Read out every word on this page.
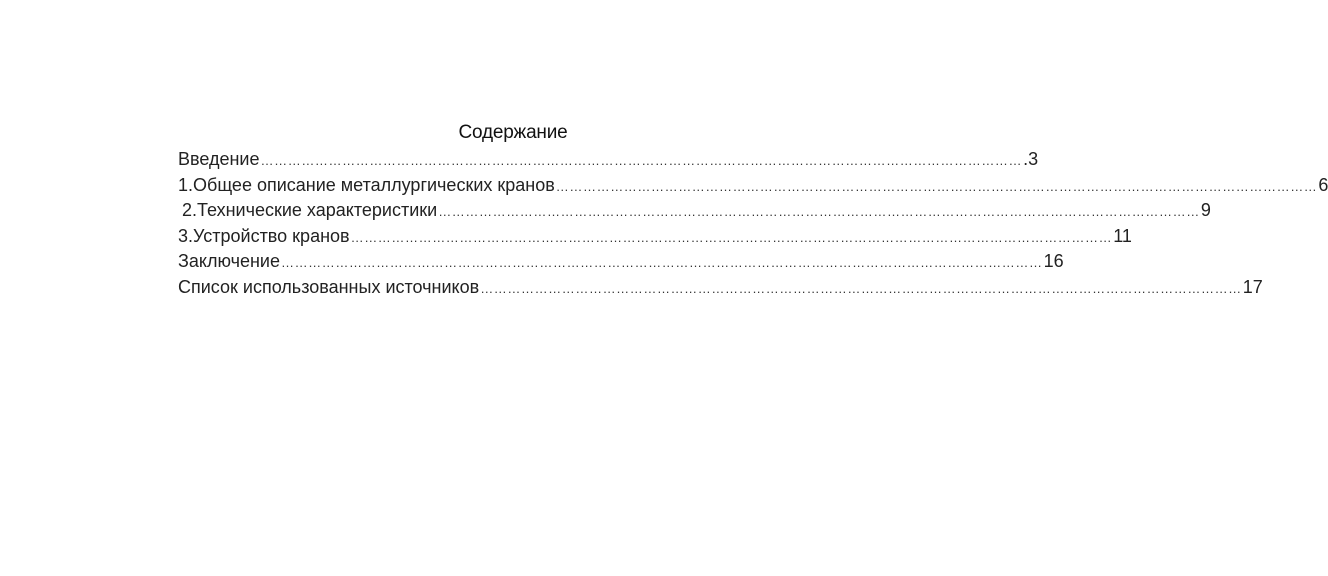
Содержание
Введение …………………………………………………………………………………………………………………………………………………… .3
1.Общее описание металлургических кранов …………………………………………………………………………………………………………………………………………………… 6
2.Технические характеристики …………………………………………………………………………………………………………………………………………………… 9
3.Устройство кранов …………………………………………………………………………………………………………………………………………………… 11
Заключение …………………………………………………………………………………………………………………………………………………… 16
Список использованных источников …………………………………………………………………………………………………………………………………………………… 17
